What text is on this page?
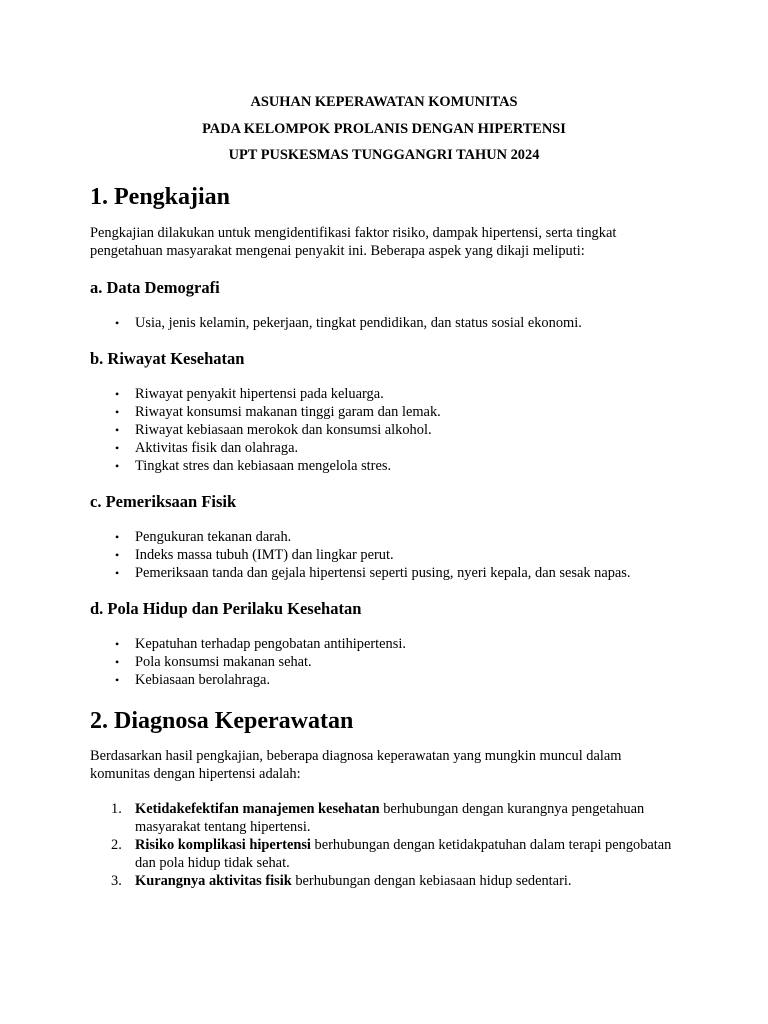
ASUHAN KEPERAWATAN KOMUNITAS
PADA KELOMPOK PROLANIS DENGAN HIPERTENSI
UPT PUSKESMAS TUNGGANGRI TAHUN 2024
1. Pengkajian

Pengkajian dilakukan untuk mengidentifikasi faktor risiko, dampak hipertensi, serta tingkat pengetahuan masyarakat mengenai penyakit ini. Beberapa aspek yang dikaji meliputi:

a. Data Demografi
• Usia, jenis kelamin, pekerjaan, tingkat pendidikan, dan status sosial ekonomi.
b. Riwayat Kesehatan
• Riwayat penyakit hipertensi pada keluarga.
• Riwayat konsumsi makanan tinggi garam dan lemak.
• Riwayat kebiasaan merokok dan konsumsi alkohol.
• Aktivitas fisik dan olahraga.
• Tingkat stres dan kebiasaan mengelola stres.
c. Pemeriksaan Fisik
• Pengukuran tekanan darah.
• Indeks massa tubuh (IMT) dan lingkar perut.
• Pemeriksaan tanda dan gejala hipertensi seperti pusing, nyeri kepala, dan sesak napas.
d. Pola Hidup dan Perilaku Kesehatan
• Kepatuhan terhadap pengobatan antihipertensi.
• Pola konsumsi makanan sehat.
• Kebiasaan berolahraga.
2. Diagnosa Keperawatan

Berdasarkan hasil pengkajian, beberapa diagnosa keperawatan yang mungkin muncul dalam komunitas dengan hipertensi adalah:

1. Ketidakefektifan manajemen kesehatan berhubungan dengan kurangnya pengetahuan masyarakat tentang hipertensi.
2. Risiko komplikasi hipertensi berhubungan dengan ketidakpatuhan dalam terapi pengobatan dan pola hidup tidak sehat.
3. Kurangnya aktivitas fisik berhubungan dengan kebiasaan hidup sedentari.
